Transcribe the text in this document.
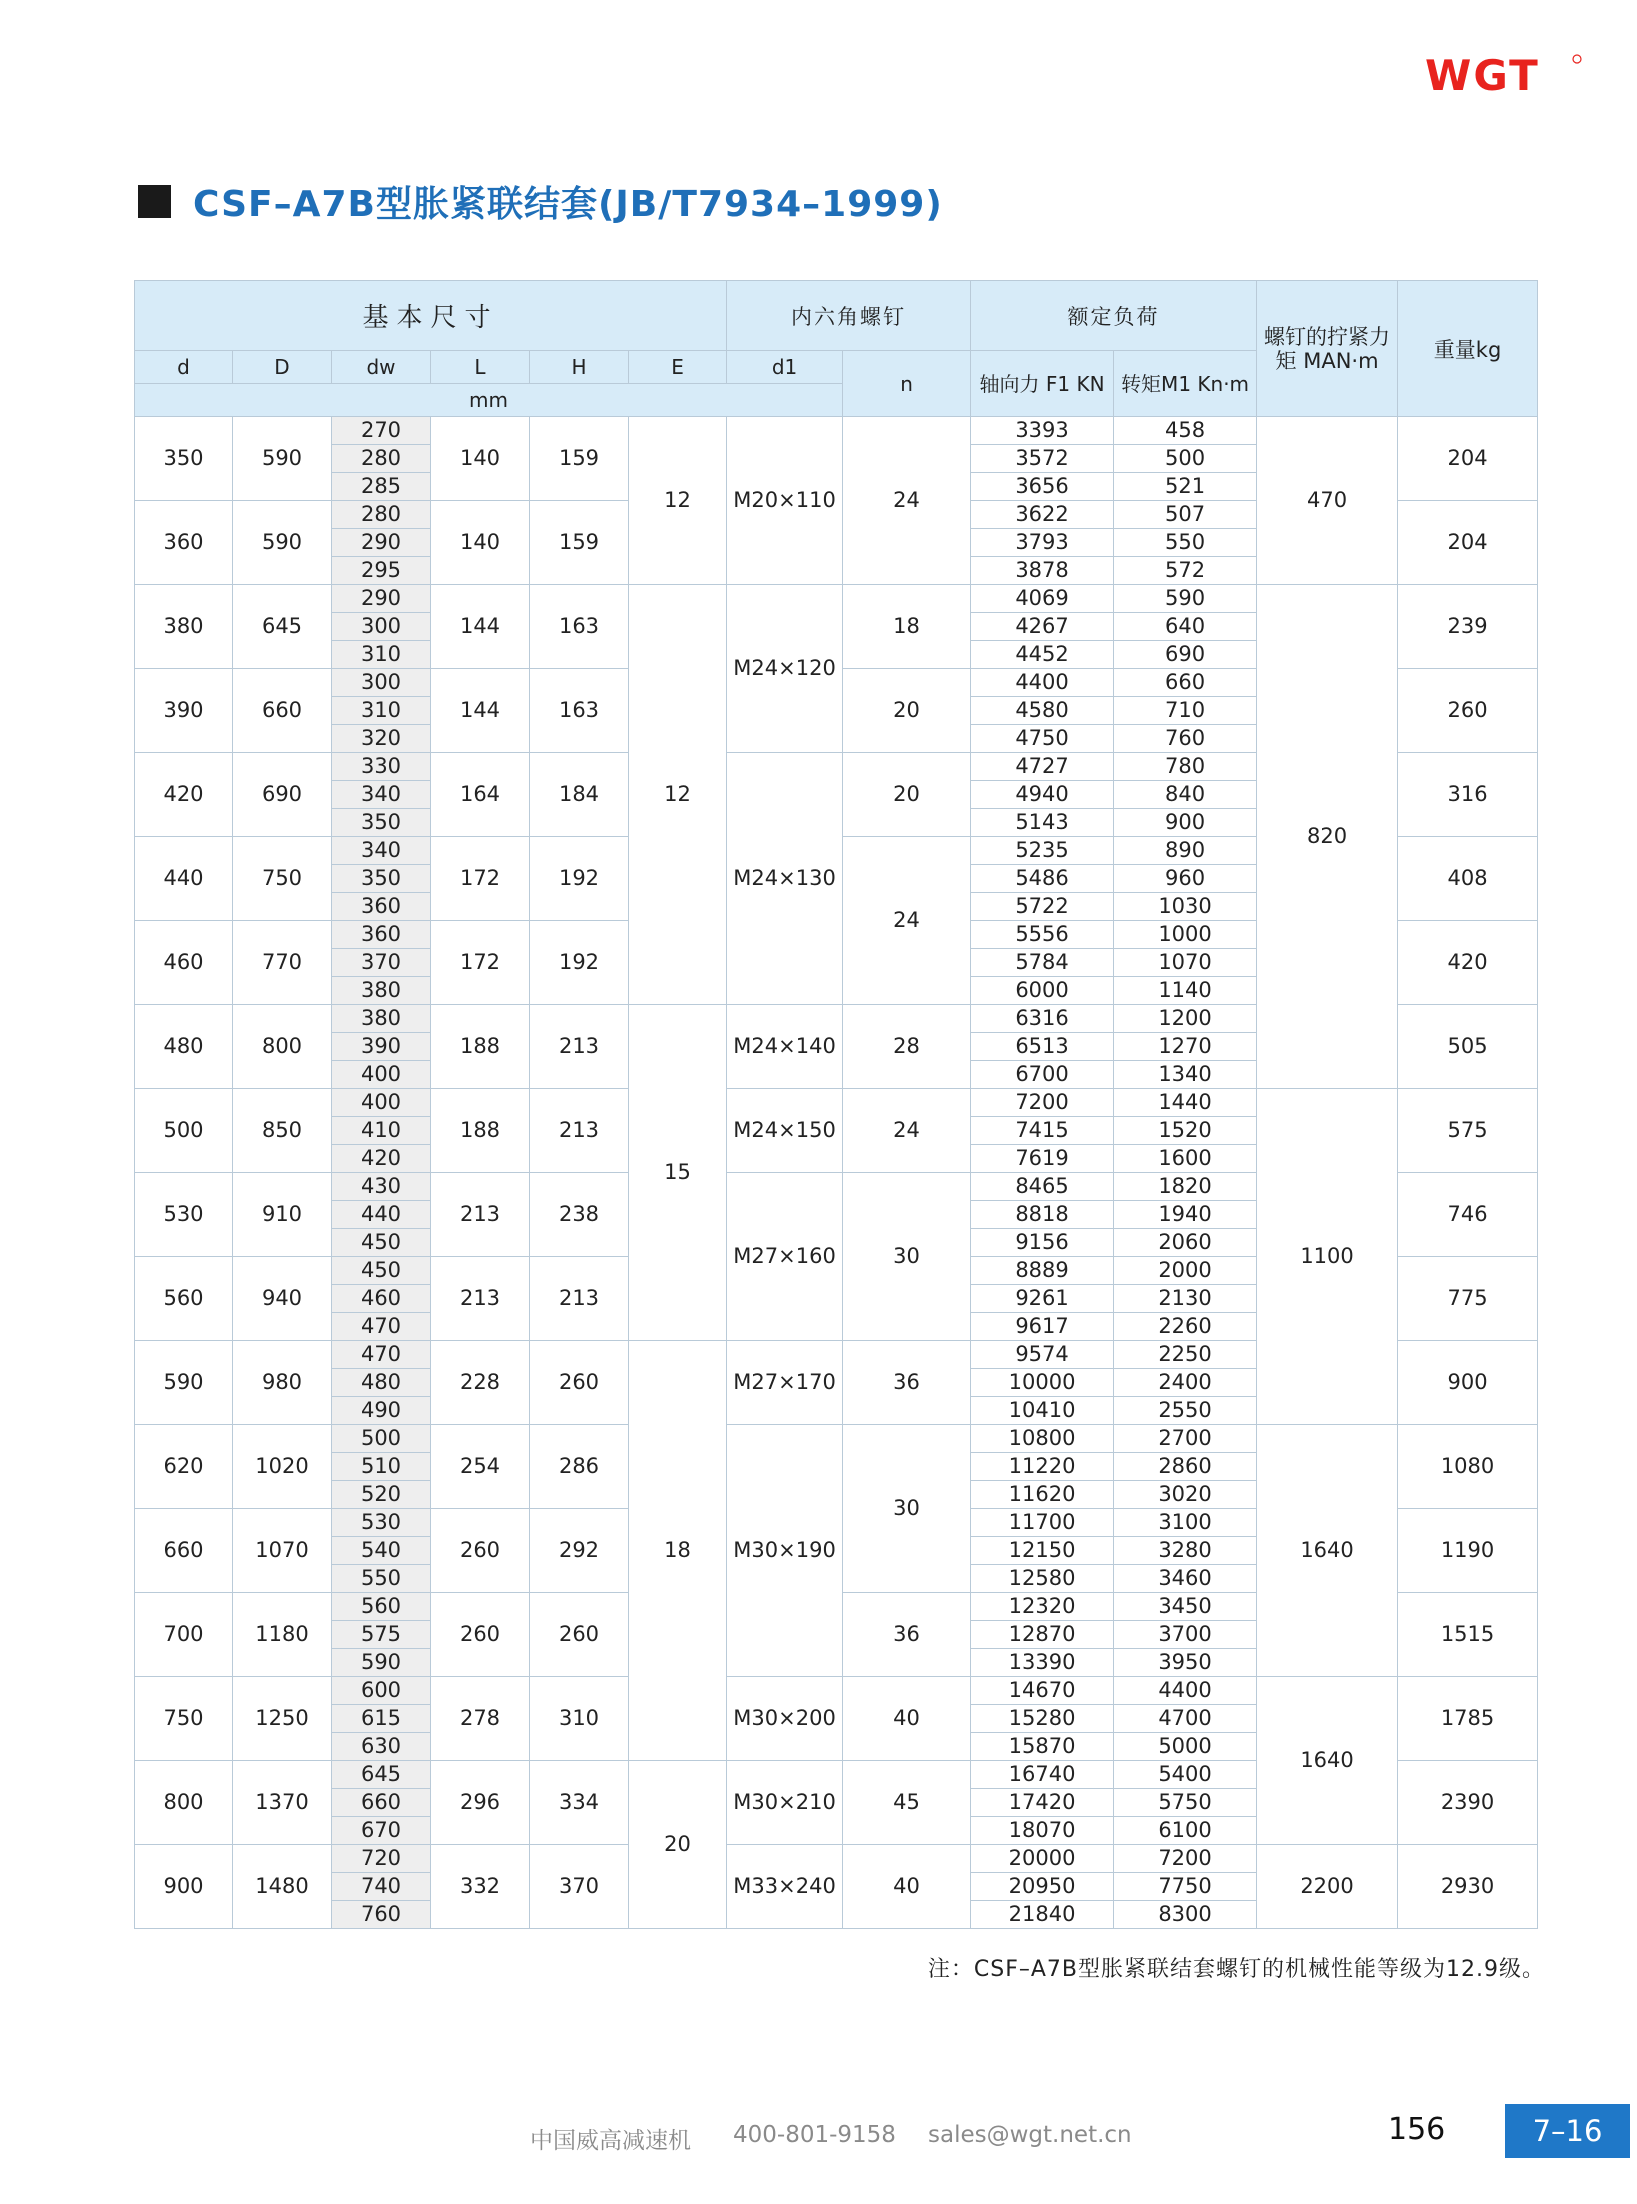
WGT
CSF–A7B型胀紧联结套(JB/T7934–1999)
基本尺寸						内六角螺钉		额定负荷		螺钉的拧紧力矩 MAN·m	重量kg
d	D	dw	L	H	E	d1	n	轴向力 F1 KN	转矩M1 Kn·m		
mm											
350	590	270	140	159	12	M20×110	24	3393	458	470	204
		280						3572	500		
		285						3656	521		
360	590	280	140	159				3622	507		204
		290						3793	550		
		295						3878	572		
380	645	290	144	163	12	M24×120	18	4069	590	820	239
		300						4267	640		
		310						4452	690		
390	660	300	144	163			20	4400	660		260
		310						4580	710		
		320						4750	760		
420	690	330	164	184		M24×130	20	4727	780		316
		340						4940	840		
		350						5143	900		
440	750	340	172	192			24	5235	890		408
		350						5486	960		
		360						5722	1030		
460	770	360	172	192				5556	1000		420
		370						5784	1070		
		380						6000	1140		
480	800	380	188	213	15	M24×140	28	6316	1200		505
		390						6513	1270		
		400						6700	1340		
500	850	400	188	213		M24×150	24	7200	1440	1100	575
		410						7415	1520		
		420						7619	1600		
530	910	430	213	238		M27×160	30	8465	1820		746
		440						8818	1940		
		450						9156	2060		
560	940	450	213	213				8889	2000		775
		460						9261	2130		
		470						9617	2260		
590	980	470	228	260	18	M27×170	36	9574	2250		900
		480						10000	2400		
		490						10410	2550		
620	1020	500	254	286		M30×190	30	10800	2700	1640	1080
		510						11220	2860		
		520						11620	3020		
660	1070	530	260	292				11700	3100		1190
		540						12150	3280		
		550						12580	3460		
700	1180	560	260	260			36	12320	3450		1515
		575						12870	3700		
		590						13390	3950		
750	1250	600	278	310		M30×200	40	14670	4400	1640	1785
		615						15280	4700		
		630						15870	5000		
800	1370	645	296	334	20	M30×210	45	16740	5400		2390
		660						17420	5750		
		670						18070	6100		
900	1480	720	332	370		M33×240	40	20000	7200	2200	2930
		740						20950	7750		
		760						21840	8300		
注：CSF–A7B型胀紧联结套螺钉的机械性能等级为12.9级。
中国威高减速机 400-801-9158 sales@wgt.net.cn	156	7–16
